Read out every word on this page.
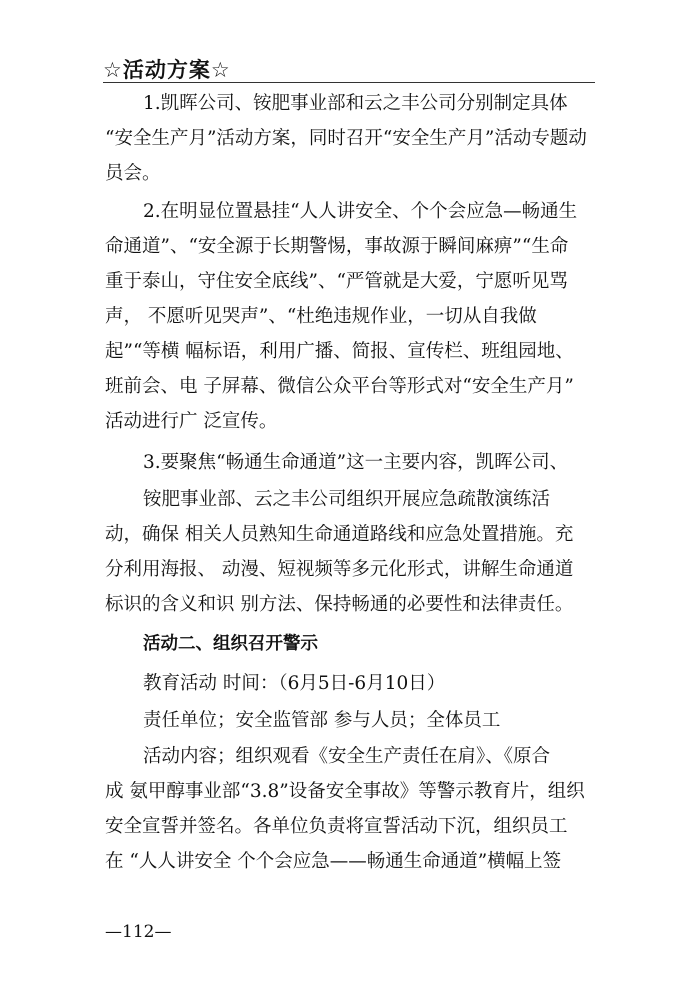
☆活动方案☆
1.凯晖公司、铵肥事业部和云之丰公司分别制定具体
“安全生产月”活动方案，同时召开“安全生产月”活动专题动
员会。
2.在明显位置悬挂“人人讲安全、个个会应急—畅通生
命通道”、“安全源于长期警惕，事故源于瞬间麻痹”“生命
重于泰山，守住安全底线”、“严管就是大爱，宁愿听见骂
声， 不愿听见哭声”、“杜绝违规作业，一切从自我做
起”“等横 幅标语，利用广播、简报、宣传栏、班组园地、
班前会、电 子屏幕、微信公众平台等形式对“安全生产月”
活动进行广 泛宣传。
3.要聚焦“畅通生命通道”这一主要内容，凯晖公司、
铵肥事业部、云之丰公司组织开展应急疏散演练活
动，确保 相关人员熟知生命通道路线和应急处置措施。充
分利用海报、 动漫、短视频等多元化形式，讲解生命通道
标识的含义和识 别方法、保持畅通的必要性和法律责任。
活动二、组织召开警示
教育活动 时间：（6月5日-6月10日）
责任单位；安全监管部 参与人员；全体员工
活动内容；组织观看《安全生产责任在肩》、《原合
成 氨甲醇事业部“3.8”设备安全事故》等警示教育片，组织
安全宣誓并签名。各单位负责将宣誓活动下沉，组织员工
在 “人人讲安全 个个会应急——畅通生命通道”横幅上签
—112—
